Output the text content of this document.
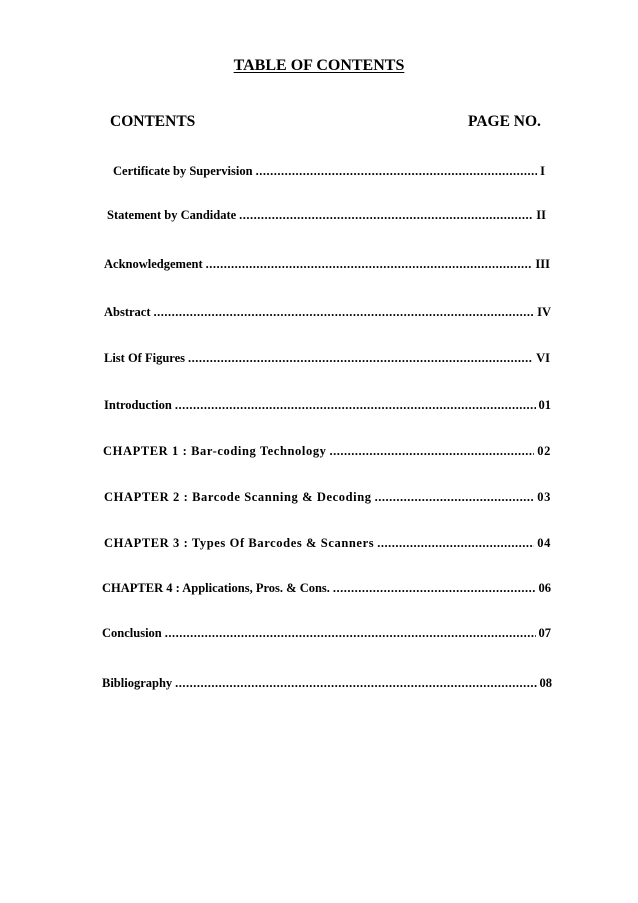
TABLE OF CONTENTS
CONTENTS	PAGE NO.
Certificate by Supervision .....	I
Statement by Candidate .....	II
Acknowledgement .....	III
Abstract .....	IV
List Of Figures .....	VI
Introduction .....	01
CHAPTER 1 : Bar-coding Technology .....	02
CHAPTER 2 : Barcode Scanning & Decoding .....	03
CHAPTER 3 : Types Of Barcodes & Scanners .....	04
CHAPTER 4 : Applications, Pros. & Cons. .....	06
Conclusion .....	07
Bibliography .....	08
